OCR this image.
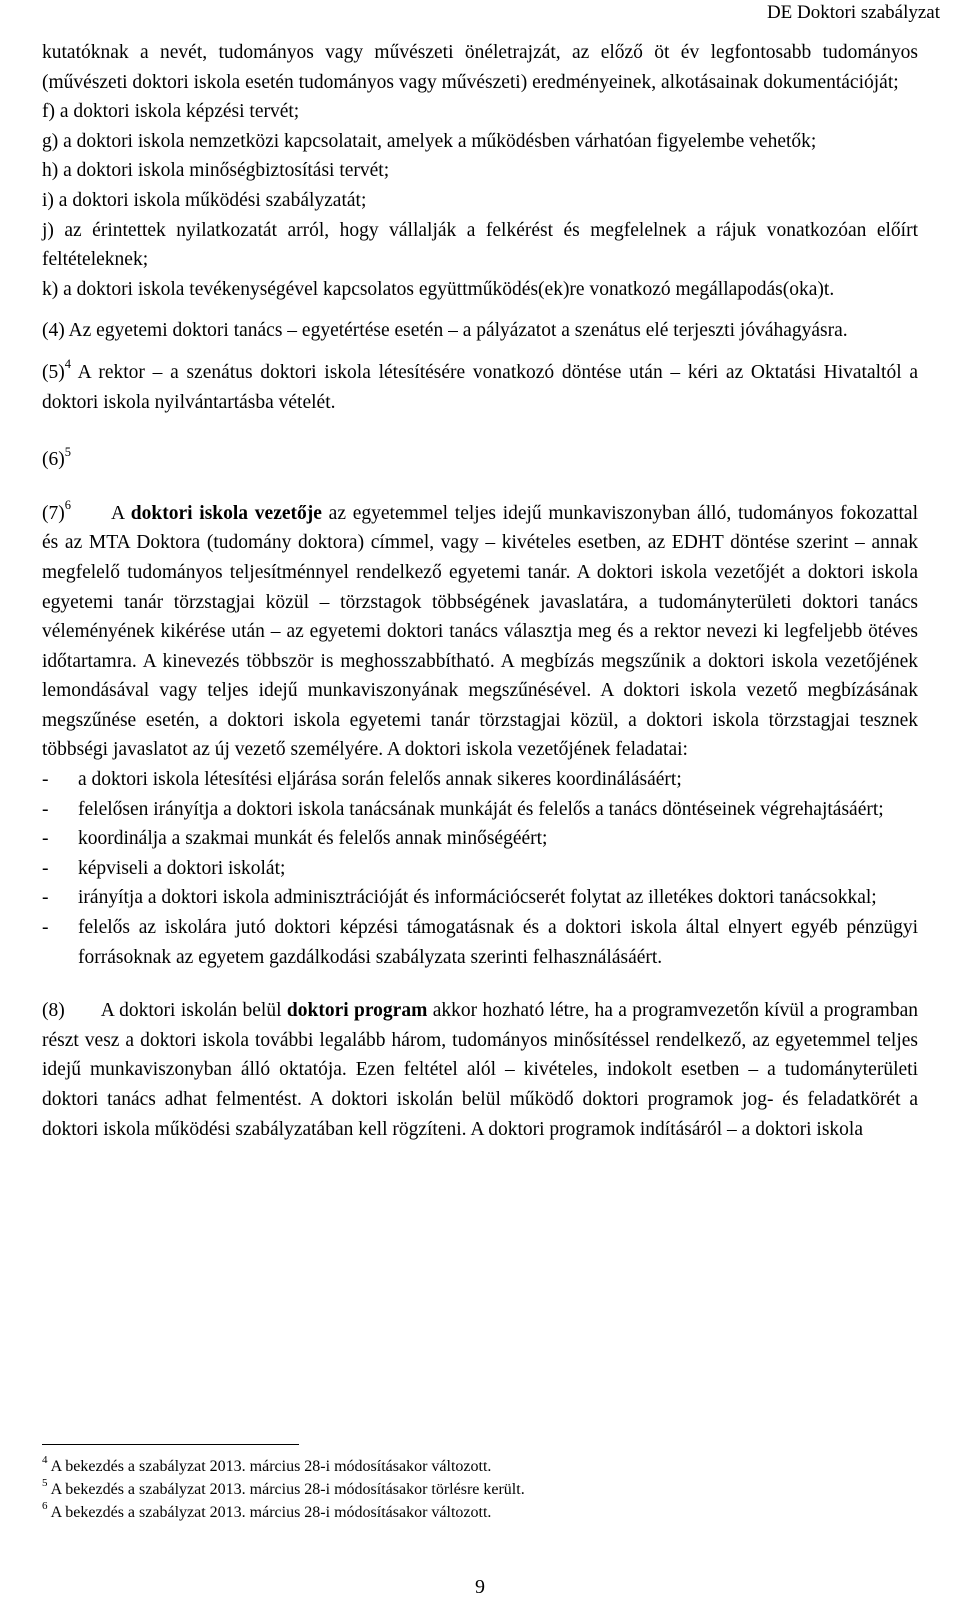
DE Doktori szabályzat

kutatóknak a nevét, tudományos vagy művészeti önéletrajzát, az előző öt év legfontosabb tudományos (művészeti doktori iskola esetén tudományos vagy művészeti) eredményeinek, alkotásainak dokumentációját;

f) a doktori iskola képzési tervét;

g) a doktori iskola nemzetközi kapcsolatait, amelyek a működésben várhatóan figyelembe vehetők;

h) a doktori iskola minőségbiztosítási tervét;

i) a doktori iskola működési szabályzatát;

j) az érintettek nyilatkozatát arról, hogy vállalják a felkérést és megfelelnek a rájuk vonatkozóan előírt feltételeknek;

k) a doktori iskola tevékenységével kapcsolatos együttműködés(ek)re vonatkozó megállapodás(oka)t.

(4) Az egyetemi doktori tanács – egyetértése esetén – a pályázatot a szenátus elé terjeszti jóváhagyásra.

$(5)^4$ A rektor – a szenátus doktori iskola létesítésére vonatkozó döntése után – kéri az Oktatási Hivataltól a doktori iskola nyilvántartásba vételét.

$(6)^5$

$(7)^6$ A doktori iskola vezetője az egyetemmel teljes idejű munkaviszonyban álló, tudományos fokozattal és az MTA Doktora (tudomány doktora) címmel, vagy – kivételes esetben, az EDHT döntése szerint – annak megfelelő tudományos teljesítménnyel rendelkező egyetemi tanár. A doktori iskola vezetőjét a doktori iskola egyetemi tanár törzstagjai közül – törzstagok többségének javaslatára, a tudományterületi doktori tanács véleményének kikérése után – az egyetemi doktori tanács választja meg és a rektor nevezi ki legfeljebb ötéves időtartamra. A kinevezés többször is meghosszabbítható. A megbízás megszűnik a doktori iskola vezetőjének lemondásával vagy teljes idejű munkaviszonyának megszűnésével. A doktori iskola vezető megbízásának megszűnése esetén, a doktori iskola egyetemi tanár törzstagjai közül, a doktori iskola törzstagjai tesznek többségi javaslatot az új vezető személyére. A doktori iskola vezetőjének feladatai:

- a doktori iskola létesítési eljárása során felelős annak sikeres koordinálásáért;
- felelősen irányítja a doktori iskola tanácsának munkáját és felelős a tanács döntéseinek végrehajtásáért;
- koordinálja a szakmai munkát és felelős annak minőségéért;
- képviseli a doktori iskolát;
- irányítja a doktori iskola adminisztrációját és információcserét folytat az illetékes doktori tanácsokkal;
- felelős az iskolára jutó doktori képzési támogatásnak és a doktori iskola által elnyert egyéb pénzügyi forrásoknak az egyetem gazdálkodási szabályzata szerinti felhasználásáért.

(8) A doktori iskolán belül doktori program akkor hozható létre, ha a programvezetőn kívül a programban részt vesz a doktori iskola további legalább három, tudományos minősítéssel rendelkező, az egyetemmel teljes idejű munkaviszonyban álló oktatója. Ezen feltétel alól – kivételes, indokolt esetben – a tudományterületi doktori tanács adhat felmentést. A doktori iskolán belül működő doktori programok jog- és feladatkörét a doktori iskola működési szabályzatában kell rögzíteni. A doktori programok indításáról – a doktori iskola

$^4$ A bekezdés a szabályzat 2013. március 28-i módosításakor változott.

$^5$ A bekezdés a szabályzat 2013. március 28-i módosításakor törlésre került.

$^6$ A bekezdés a szabályzat 2013. március 28-i módosításakor változott.

9
